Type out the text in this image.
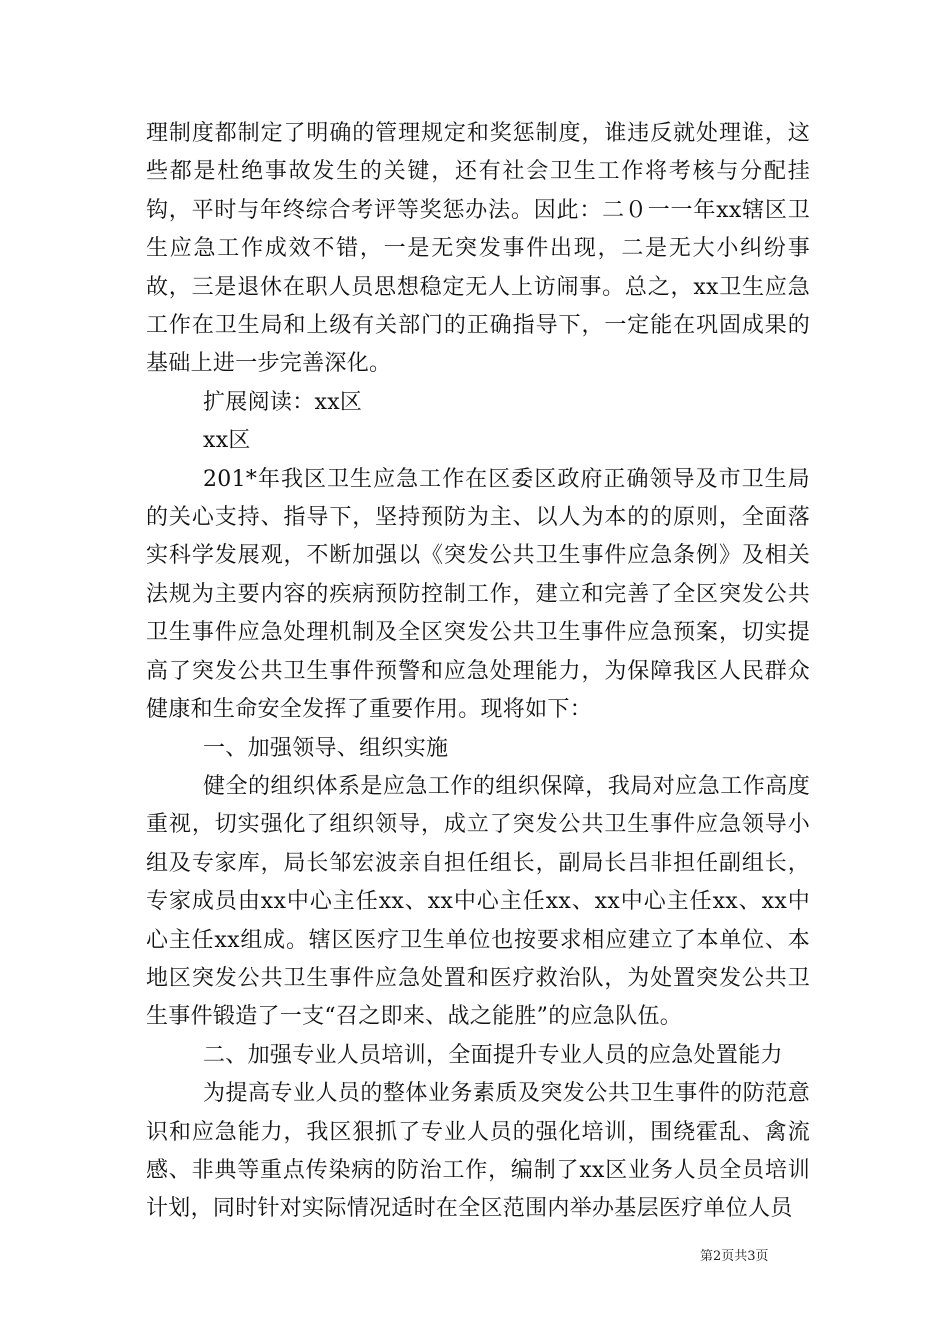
理制度都制定了明确的管理规定和奖惩制度，谁违反就处理谁，这些都是杜绝事故发生的关键，还有社会卫生工作将考核与分配挂钩，平时与年终综合考评等奖惩办法。因此：二０一一年xx辖区卫生应急工作成效不错，一是无突发事件出现，二是无大小纠纷事故，三是退休在职人员思想稳定无人上访闹事。总之，xx卫生应急工作在卫生局和上级有关部门的正确指导下，一定能在巩固成果的基础上进一步完善深化。

扩展阅读：xx区

xx区

201*年我区卫生应急工作在区委区政府正确领导及市卫生局的关心支持、指导下，坚持预防为主、以人为本的的原则，全面落实科学发展观，不断加强以《突发公共卫生事件应急条例》及相关法规为主要内容的疾病预防控制工作，建立和完善了全区突发公共卫生事件应急处理机制及全区突发公共卫生事件应急预案，切实提高了突发公共卫生事件预警和应急处理能力，为保障我区人民群众健康和生命安全发挥了重要作用。现将如下：

一、加强领导、组织实施

健全的组织体系是应急工作的组织保障，我局对应急工作高度重视，切实强化了组织领导，成立了突发公共卫生事件应急领导小组及专家库，局长邹宏波亲自担任组长，副局长吕非担任副组长，专家成员由xx中心主任xx、xx中心主任xx、xx中心主任xx、xx中心主任xx组成。辖区医疗卫生单位也按要求相应建立了本单位、本地区突发公共卫生事件应急处置和医疗救治队，为处置突发公共卫生事件锻造了一支“召之即来、战之能胜”的应急队伍。

二、加强专业人员培训，全面提升专业人员的应急处置能力

为提高专业人员的整体业务素质及突发公共卫生事件的防范意识和应急能力，我区狠抓了专业人员的强化培训，围绕霍乱、禽流感、非典等重点传染病的防治工作，编制了xx区业务人员全员培训计划，同时针对实际情况适时在全区范围内举办基层医疗单位人员

第2页共3页
